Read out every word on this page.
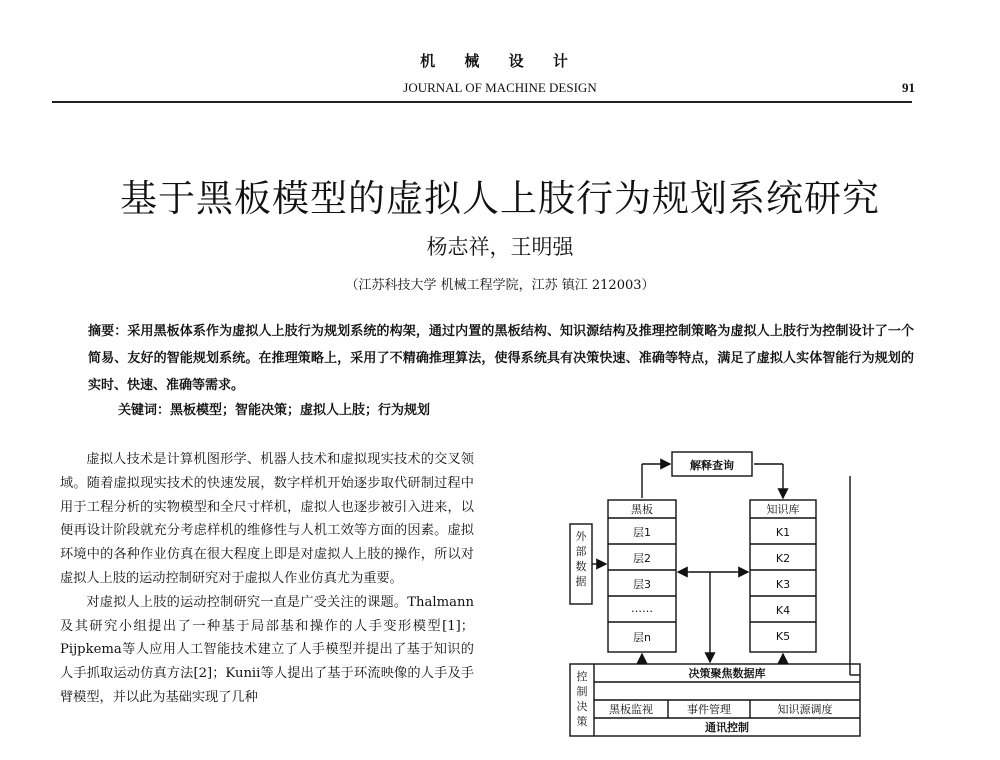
机 械 设 计
JOURNAL OF MACHINE DESIGN	91
基于黑板模型的虚拟人上肢行为规划系统研究
杨志祥，王明强
（江苏科技大学 机械工程学院，江苏 镇江 212003）
摘要：采用黑板体系作为虚拟人上肢行为规划系统的构架，通过内置的黑板结构、知识源结构及推理控制策略为虚拟人上肢行为控制设计了一个简易、友好的智能规划系统。在推理策略上，采用了不精确推理算法，使得系统具有决策快速、准确等特点，满足了虚拟人实体智能行为规划的实时、快速、准确等需求。
关键词：黑板模型；智能决策；虚拟人上肢；行为规划

虚拟人技术是计算机图形学、机器人技术和虚拟现实技术的交叉领域。随着虚拟现实技术的快速发展，数字样机开始逐步取代研制过程中用于工程分析的实物模型和全尺寸样机，虚拟人也逐步被引入进来，以便再设计阶段就充分考虑样机的维修性与人机工效等方面的因素。虚拟环境中的各种作业仿真在很大程度上即是对虚拟人上肢的操作，所以对虚拟人上肢的运动控制研究对于虚拟人作业仿真尤为重要。

对虚拟人上肢的运动控制研究一直是广受关注的课题。Thalmann及其研究小组提出了一种基于局部基和操作的人手变形模型[1]；Pijpkema等人应用人工智能技术建立了人手模型并提出了基于知识的人手抓取运动仿真方法[2]；Kunii等人提出了基于环流映像的人手及手臂模型，并以此为基础实现了几种

解释查询
黑板
层1
层2
层3
……
层n
知识库
K1
K2
K3
K4
K5
外部数据
控制决策
决策聚焦数据库
黑板监视	事件管理	知识源调度
通讯控制
